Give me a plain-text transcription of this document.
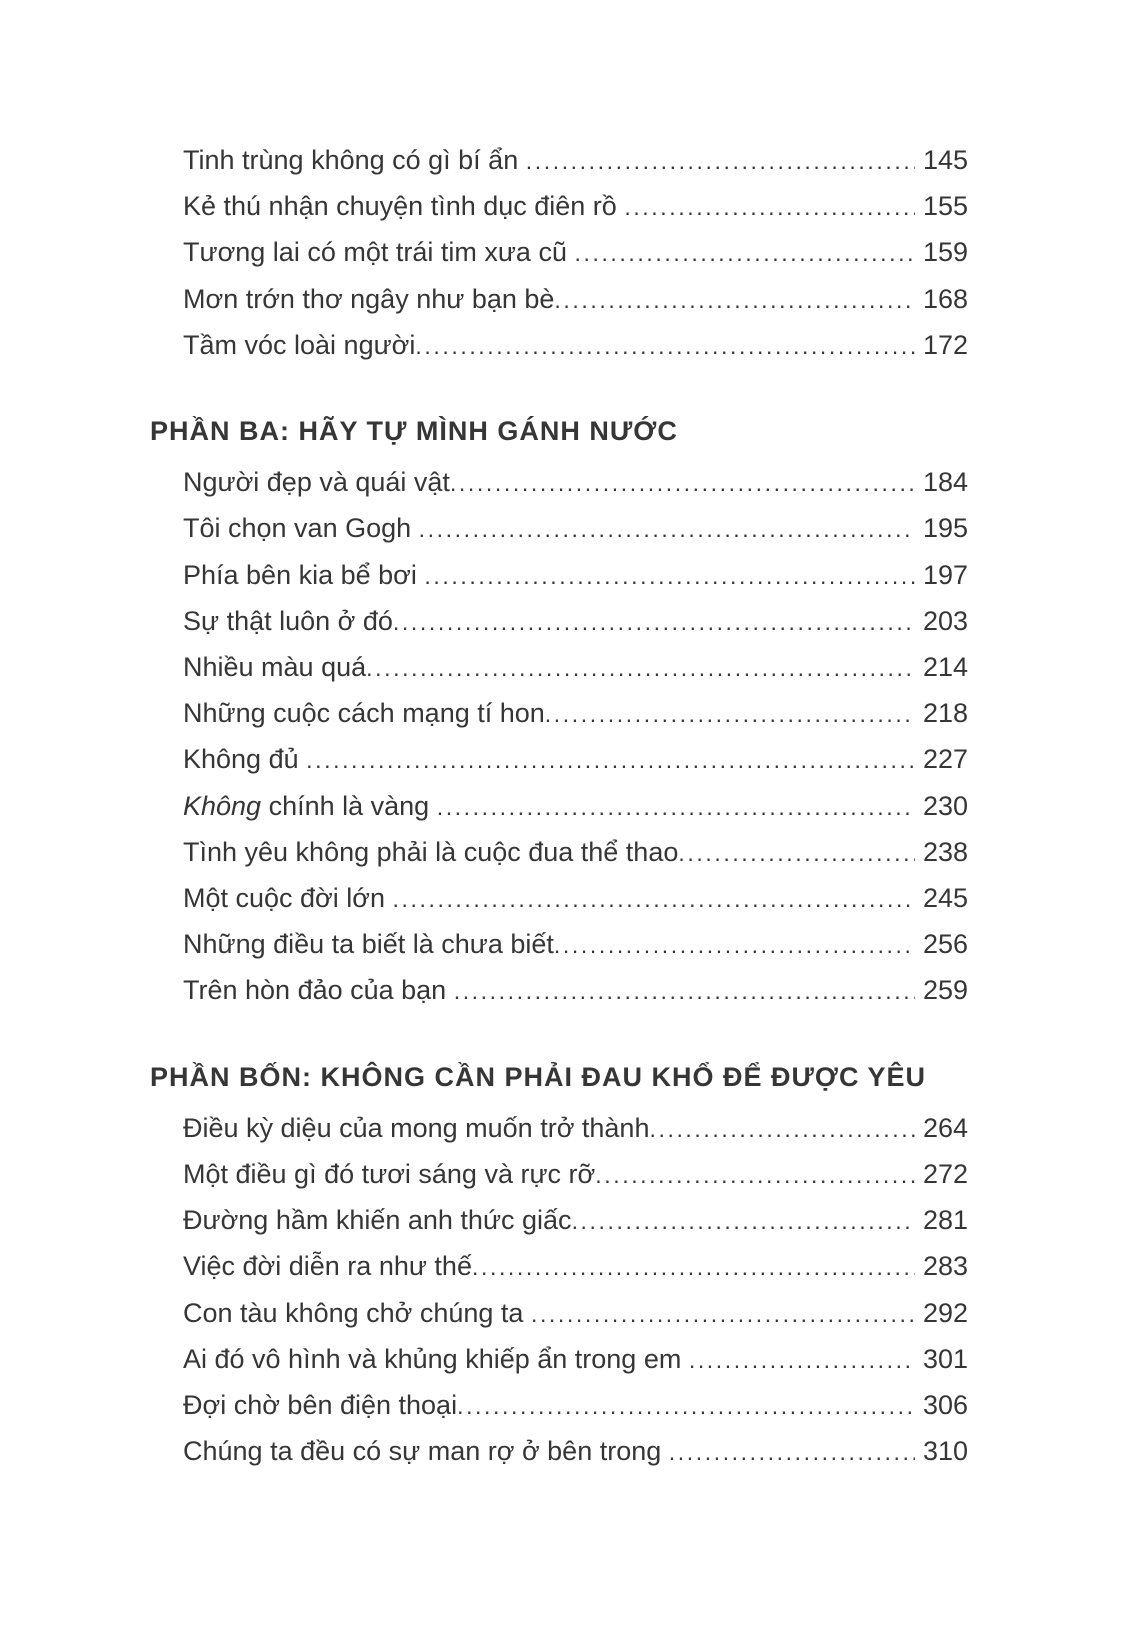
Tinh trùng không có gì bí ẩn .....	145
Kẻ thú nhận chuyện tình dục điên rồ .....	155
Tương lai có một trái tim xưa cũ .....	159
Mơn trớn thơ ngây như bạn bè .....	168
Tầm vóc loài người .....	172
PHẦN BA: HÃY TỰ MÌNH GÁNH NƯỚC
Người đẹp và quái vật .....	184
Tôi chọn van Gogh .....	195
Phía bên kia bể bơi .....	197
Sự thật luôn ở đó .....	203
Nhiều màu quá .....	214
Những cuộc cách mạng tí hon .....	218
Không đủ .....	227
Không chính là vàng .....	230
Tình yêu không phải là cuộc đua thể thao .....	238
Một cuộc đời lớn .....	245
Những điều ta biết là chưa biết .....	256
Trên hòn đảo của bạn .....	259
PHẦN BỐN: KHÔNG CẦN PHẢI ĐAU KHỔ ĐỂ ĐƯỢC YÊU
Điều kỳ diệu của mong muốn trở thành .....	264
Một điều gì đó tươi sáng và rực rỡ .....	272
Đường hầm khiến anh thức giấc .....	281
Việc đời diễn ra như thế .....	283
Con tàu không chở chúng ta .....	292
Ai đó vô hình và khủng khiếp ẩn trong em .....	301
Đợi chờ bên điện thoại .....	306
Chúng ta đều có sự man rợ ở bên trong .....	310
